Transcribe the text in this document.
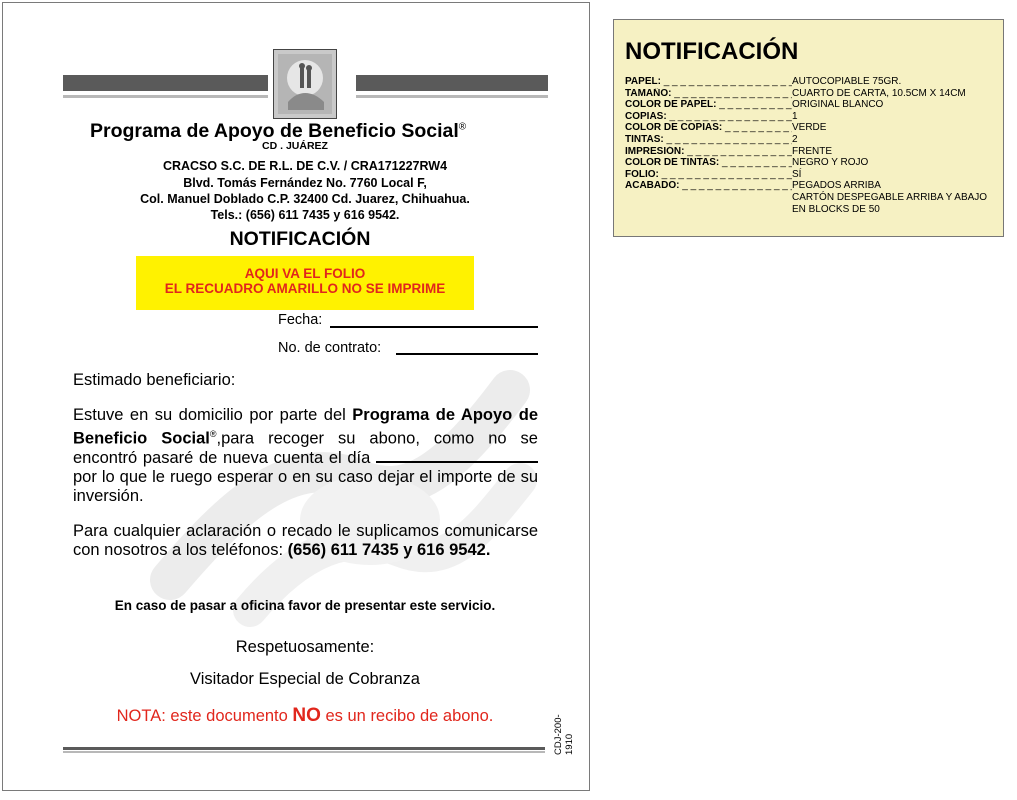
Programa de Apoyo de Beneficio Social®
CD . JUÁREZ
CRACSO S.C. DE R.L. DE C.V. / CRA171227RW4
Blvd. Tomás Fernández No. 7760 Local F,
Col. Manuel Doblado C.P. 32400 Cd. Juarez, Chihuahua.
Tels.: (656) 611 7435 y 616 9542.
NOTIFICACIÓN
AQUI VA EL FOLIO
EL RECUADRO AMARILLO NO SE IMPRIME
Fecha:
No. de contrato:
Estimado beneficiario:
Estuve en su domicilio por parte del Programa de Apoyo de Beneficio Social®,para recoger su abono, como no se encontró pasaré de nueva cuenta el día  por lo que le ruego esperar o en su caso dejar el importe de su inversión.
Para cualquier aclaración o recado le suplicamos comunicarse con nosotros a los teléfonos: (656) 611 7435 y 616 9542.
En caso de pasar a oficina favor de presentar este servicio.
Respetuosamente:
Visitador Especial de Cobranza
NOTA: este documento NO es un recibo de abono.	CDJ-200-1910
NOTIFICACIÓN
PAPEL: _ _ _	AUTOCOPIABLE 75GR.
TAMAÑO: _ _ _	CUARTO DE CARTA, 10.5CM X 14CM
COLOR DE PAPEL: _ _ _	ORIGINAL BLANCO
COPIAS: _ _ _	1
COLOR DE COPIAS: _ _ _	VERDE
TINTAS: _ _ _	2
IMPRESIÓN: _ _ _	FRENTE
COLOR DE TINTAS: _ _ _	NEGRO Y ROJO
FOLIO: _ _ _	SÍ
ACABADO: _ _ _	PEGADOS ARRIBA
CARTÓN DESPEGABLE ARRIBA Y ABAJO
EN BLOCKS DE 50
